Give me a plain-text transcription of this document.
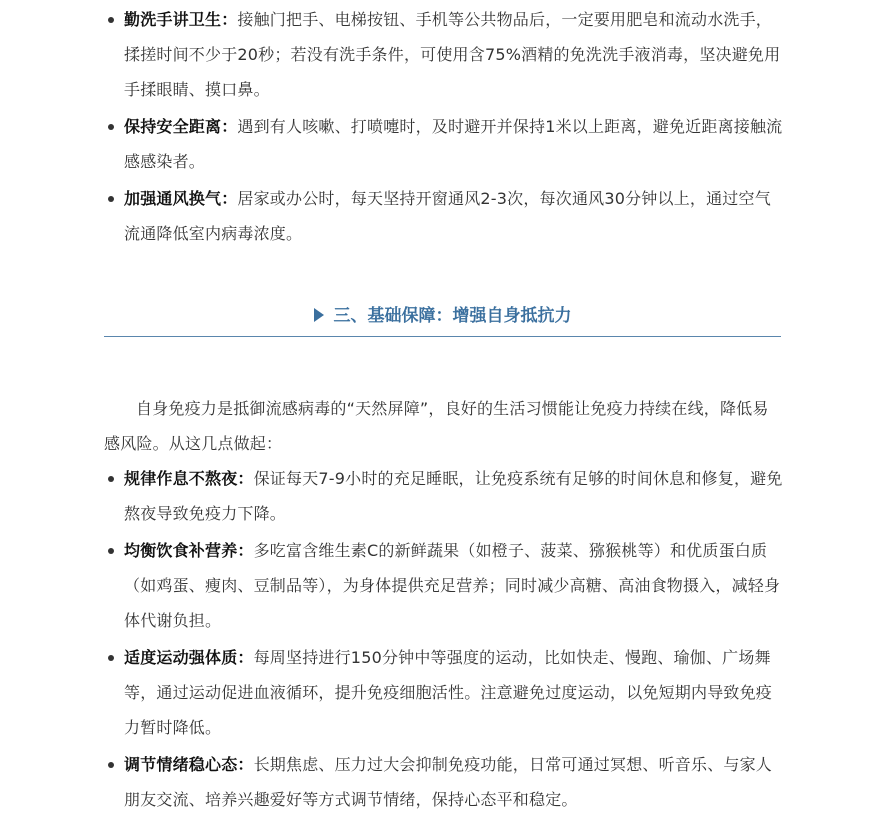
勤洗手讲卫生：接触门把手、电梯按钮、手机等公共物品后，一定要用肥皂和流动水洗手，揉搓时间不少于20秒；若没有洗手条件，可使用含75%酒精的免洗洗手液消毒，坚决避免用手揉眼睛、摸口鼻。
保持安全距离：遇到有人咳嗽、打喷嚏时，及时避开并保持1米以上距离，避免近距离接触流感感染者。
加强通风换气：居家或办公时，每天坚持开窗通风2-3次，每次通风30分钟以上，通过空气流通降低室内病毒浓度。
三、基础保障：增强自身抵抗力

自身免疫力是抵御流感病毒的“天然屏障”，良好的生活习惯能让免疫力持续在线，降低易感风险。从这几点做起：

规律作息不熬夜：保证每天7-9小时的充足睡眠，让免疫系统有足够的时间休息和修复，避免熬夜导致免疫力下降。
均衡饮食补营养：多吃富含维生素C的新鲜蔬果（如橙子、菠菜、猕猴桃等）和优质蛋白质（如鸡蛋、瘦肉、豆制品等），为身体提供充足营养；同时减少高糖、高油食物摄入，减轻身体代谢负担。
适度运动强体质：每周坚持进行150分钟中等强度的运动，比如快走、慢跑、瑜伽、广场舞等，通过运动促进血液循环，提升免疫细胞活性。注意避免过度运动，以免短期内导致免疫力暂时降低。
调节情绪稳心态：长期焦虑、压力过大会抑制免疫功能，日常可通过冥想、听音乐、与家人朋友交流、培养兴趣爱好等方式调节情绪，保持心态平和稳定。
